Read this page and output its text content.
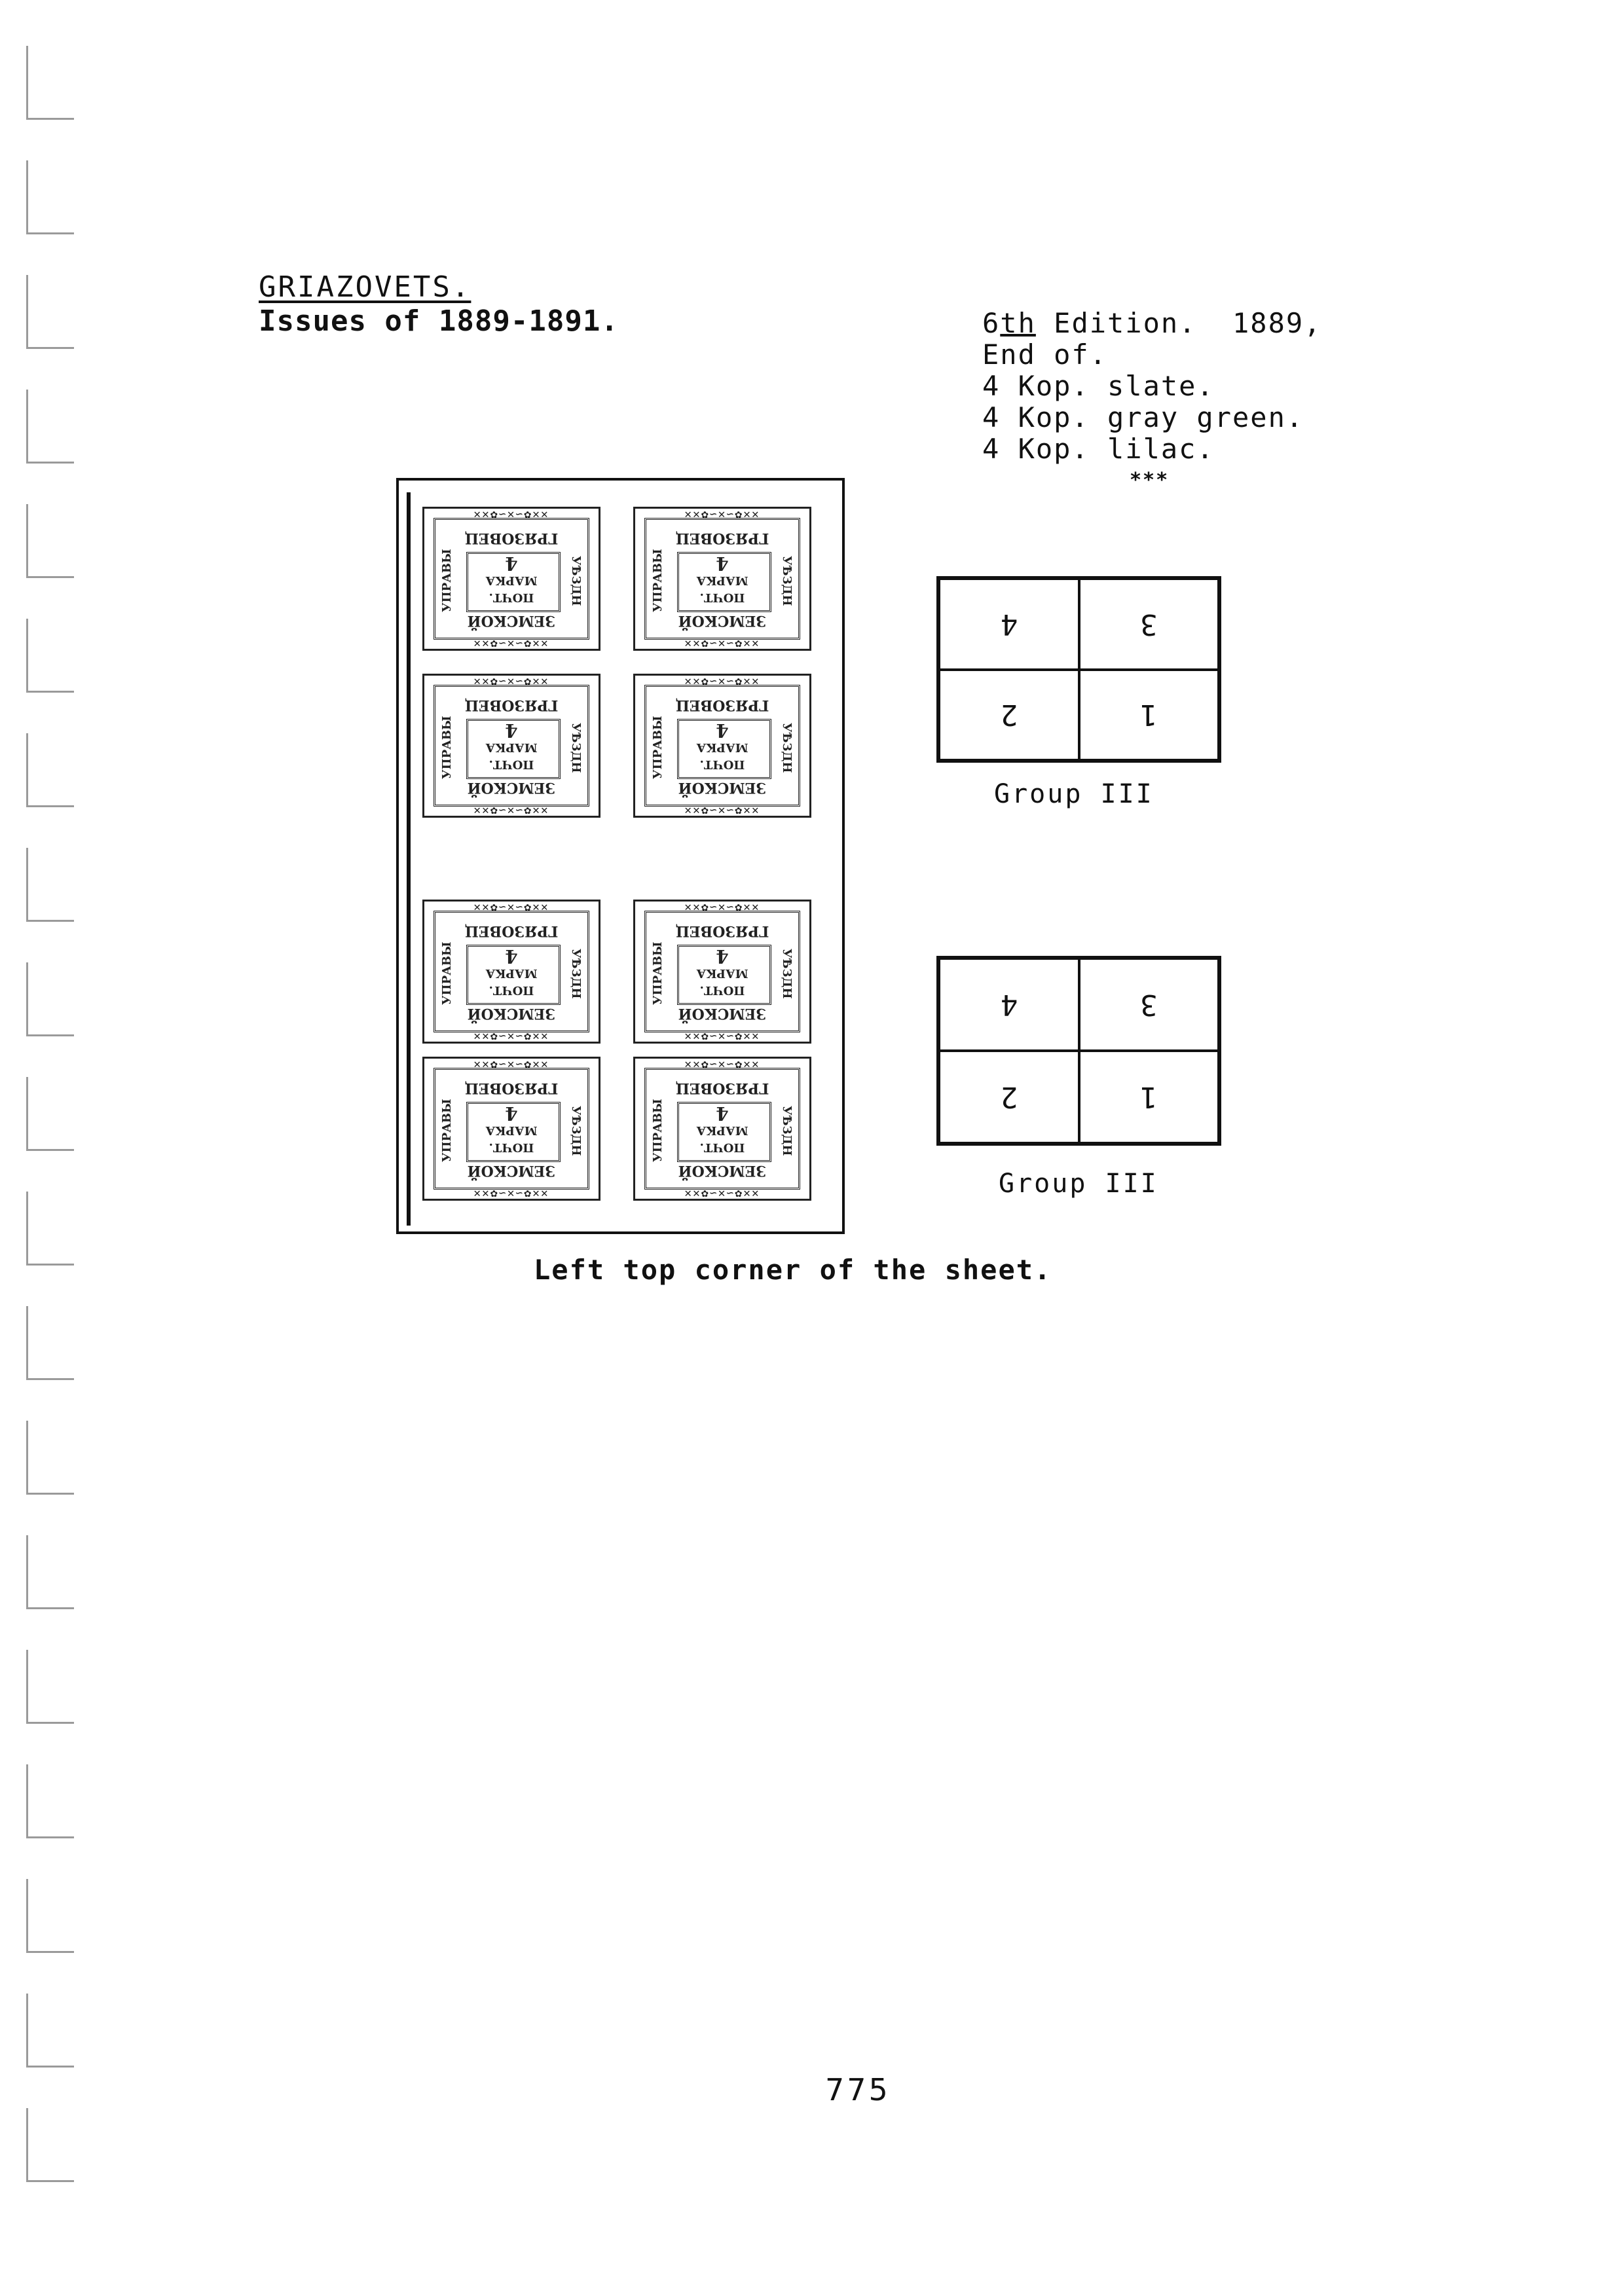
GRIAZOVETS.
Issues of 1889-1891.	6th Edition.  1889,
End of.
4 Kop. slate.
4 Kop. gray green.
4 Kop. lilac.
***
✕✕✿∽✕∽✿✕✕
ГРЯЗОВЕЦ
УПРАВЫ	УѢЗДН
ПОЧТ.
МАРКА
4
ЗЕМСКОЙ
✕✕✿∽✕∽✿✕✕
✕✕✿∽✕∽✿✕✕
ГРЯЗОВЕЦ
УПРАВЫ	УѢЗДН
ПОЧТ.
МАРКА
4
ЗЕМСКОЙ
✕✕✿∽✕∽✿✕✕
✕✕✿∽✕∽✿✕✕
ГРЯЗОВЕЦ
УПРАВЫ	УѢЗДН
ПОЧТ.
МАРКА
4
ЗЕМСКОЙ
✕✕✿∽✕∽✿✕✕
✕✕✿∽✕∽✿✕✕
ГРЯЗОВЕЦ
УПРАВЫ	УѢЗДН
ПОЧТ.
МАРКА
4
ЗЕМСКОЙ
✕✕✿∽✕∽✿✕✕
✕✕✿∽✕∽✿✕✕
ГРЯЗОВЕЦ
УПРАВЫ	УѢЗДН
ПОЧТ.
МАРКА
4
ЗЕМСКОЙ
✕✕✿∽✕∽✿✕✕
✕✕✿∽✕∽✿✕✕
ГРЯЗОВЕЦ
УПРАВЫ	УѢЗДН
ПОЧТ.
МАРКА
4
ЗЕМСКОЙ
✕✕✿∽✕∽✿✕✕
✕✕✿∽✕∽✿✕✕
ГРЯЗОВЕЦ
УПРАВЫ	УѢЗДН
ПОЧТ.
МАРКА
4
ЗЕМСКОЙ
✕✕✿∽✕∽✿✕✕
✕✕✿∽✕∽✿✕✕
ГРЯЗОВЕЦ
УПРАВЫ	УѢЗДН
ПОЧТ.
МАРКА
4
ЗЕМСКОЙ
✕✕✿∽✕∽✿✕✕
Left top corner of the sheet.
775
4	3
2	1
Group III
4	3
2	1
Group III
